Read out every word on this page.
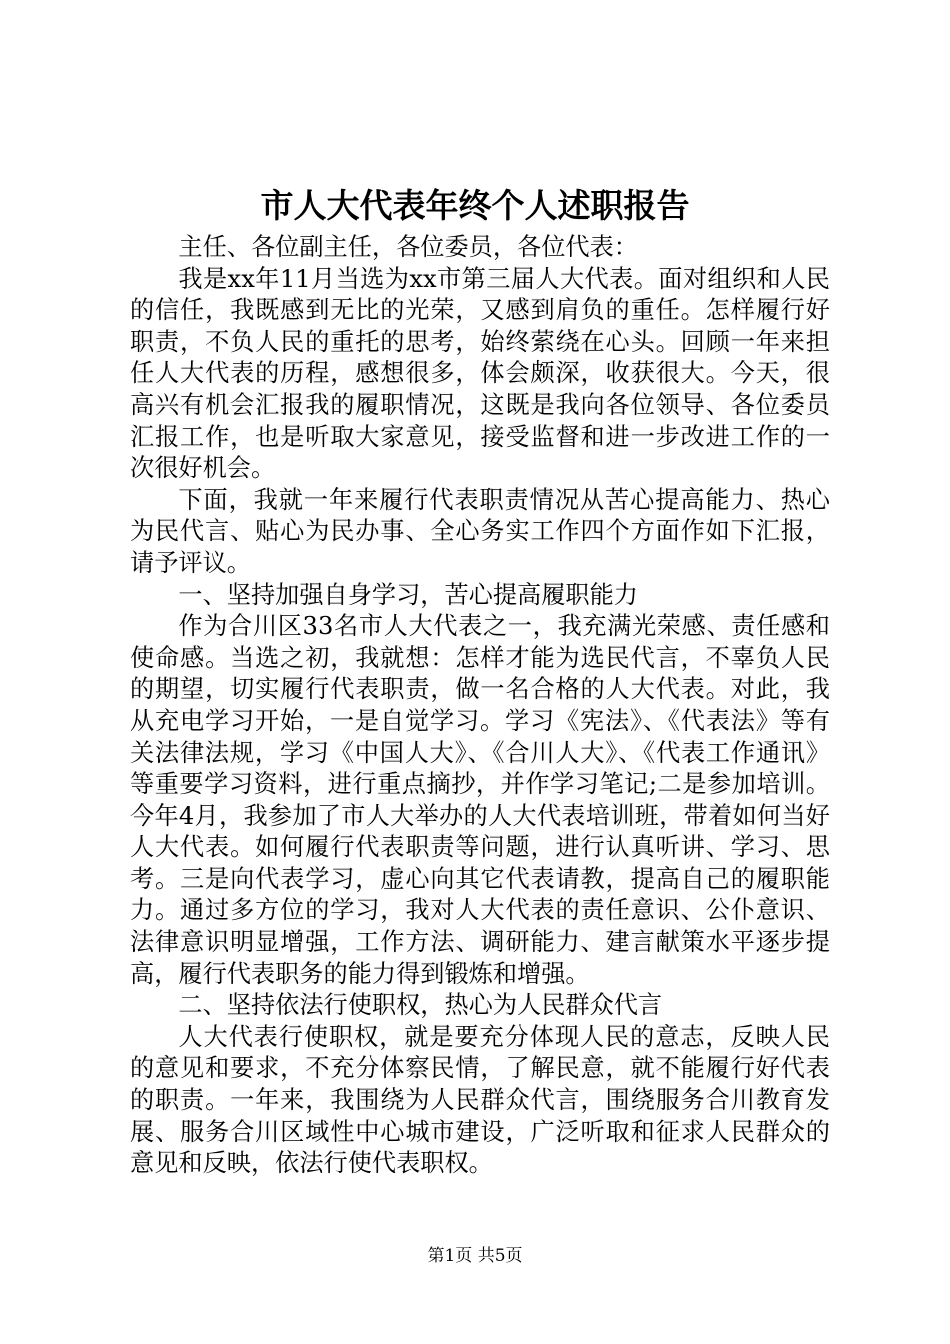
市人大代表年终个人述职报告

主任、各位副主任，各位委员，各位代表：

我是xx年11月当选为xx市第三届人大代表。面对组织和人民的信任，我既感到无比的光荣，又感到肩负的重任。怎样履行好职责，不负人民的重托的思考，始终萦绕在心头。回顾一年来担任人大代表的历程，感想很多，体会颇深，收获很大。今天，很高兴有机会汇报我的履职情况，这既是我向各位领导、各位委员汇报工作，也是听取大家意见，接受监督和进一步改进工作的一次很好机会。

下面，我就一年来履行代表职责情况从苦心提高能力、热心为民代言、贴心为民办事、全心务实工作四个方面作如下汇报，请予评议。

一、坚持加强自身学习，苦心提高履职能力

作为合川区33名市人大代表之一，我充满光荣感、责任感和使命感。当选之初，我就想：怎样才能为选民代言，不辜负人民的期望，切实履行代表职责，做一名合格的人大代表。对此，我从充电学习开始，一是自觉学习。学习《宪法》、《代表法》等有关法律法规，学习《中国人大》、《合川人大》、《代表工作通讯》等重要学习资料，进行重点摘抄，并作学习笔记;二是参加培训。今年4月，我参加了市人大举办的人大代表培训班，带着如何当好人大代表。如何履行代表职责等问题，进行认真听讲、学习、思考。三是向代表学习，虚心向其它代表请教，提高自己的履职能力。通过多方位的学习，我对人大代表的责任意识、公仆意识、法律意识明显增强，工作方法、调研能力、建言献策水平逐步提高，履行代表职务的能力得到锻炼和增强。

二、坚持依法行使职权，热心为人民群众代言

人大代表行使职权，就是要充分体现人民的意志，反映人民的意见和要求，不充分体察民情，了解民意，就不能履行好代表的职责。一年来，我围绕为人民群众代言，围绕服务合川教育发展、服务合川区域性中心城市建设，广泛听取和征求人民群众的意见和反映，依法行使代表职权。

第1页 共5页
